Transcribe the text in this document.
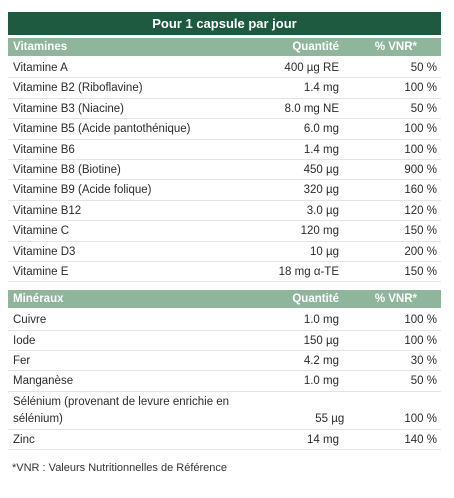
Pour 1 capsule par jour
Vitamines	Quantité	% VNR*
Vitamine A	400 µg RE	50 %
Vitamine B2 (Riboflavine)	1.4 mg	100 %
Vitamine B3 (Niacine)	8.0 mg NE	50 %
Vitamine B5 (Acide pantothénique)	6.0 mg	100 %
Vitamine B6	1.4 mg	100 %
Vitamine B8 (Biotine)	450 µg	900 %
Vitamine B9 (Acide folique)	320 µg	160 %
Vitamine B12	3.0 µg	120 %
Vitamine C	120 mg	150 %
Vitamine D3	10 µg	200 %
Vitamine E	18 mg α-TE	150 %
Minéraux	Quantité	% VNR*
Cuivre	1.0 mg	100 %
Iode	150 µg	100 %
Fer	4.2 mg	30 %
Manganèse	1.0 mg	50 %
Sélénium (provenant de levure enrichie en sélénium)	55 µg	100 %
Zinc	14 mg	140 %
*VNR : Valeurs Nutritionnelles de Référence
